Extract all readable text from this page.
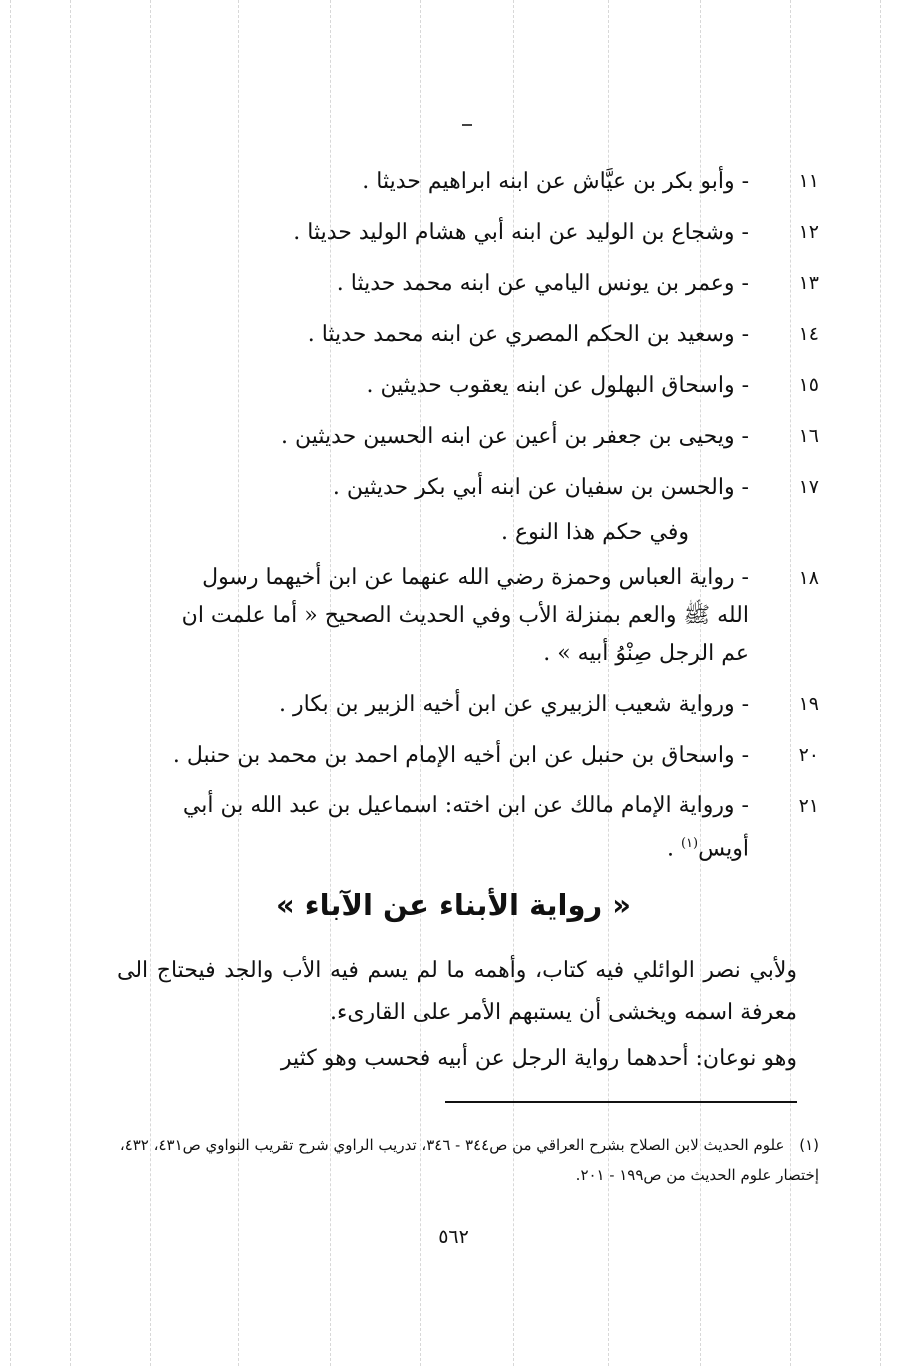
١١
- وأبو بكر بن عيَّاش عن ابنه ابراهيم حديثا .
١٢
- وشجاع بن الوليد عن ابنه أبي هشام الوليد حديثا .
١٣
- وعمر بن يونس اليامي عن ابنه محمد حديثا .
١٤
- وسعيد بن الحكم المصري عن ابنه محمد حديثا .
١٥
- واسحاق البهلول عن ابنه يعقوب حديثين .
١٦
- ويحيى بن جعفر بن أعين عن ابنه الحسين حديثين .
١٧
- والحسن بن سفيان عن ابنه أبي بكر حديثين .
وفي حكم هذا النوع .
١٨
- رواية العباس وحمزة رضي الله عنهما عن ابن أخيهما رسول
الله ﷺ والعم بمنزلة الأب وفي الحديث الصحيح « أما علمت ان
عم الرجل صِنْوُ أبيه » .
١٩
- ورواية شعيب الزبيري عن ابن أخيه الزبير بن بكار .
٢٠
- واسحاق بن حنبل عن ابن أخيه الإمام احمد بن محمد بن حنبل .
٢١
- ورواية الإمام مالك عن ابن اخته: اسماعيل بن عبد الله بن أبي
أويس$^{(١)}$ .
« رواية الأبناء عن الآباء »
ولأبي نصر الوائلي فيه كتاب، وأهمه ما لم يسم فيه الأب والجد فيحتاج الى معرفة اسمه ويخشى أن يستبهم الأمر على القارىء.
وهو نوعان: أحدهما رواية الرجل عن أبيه فحسب وهو كثير
(١) علوم الحديث لابن الصلاح بشرح العراقي من ص٣٤٤ - ٣٤٦، تدريب الراوي شرح تقريب النواوي ص٤٣١، ٤٣٢، إختصار علوم الحديث من ص١٩٩ - ٢٠١.
٥٦٢
